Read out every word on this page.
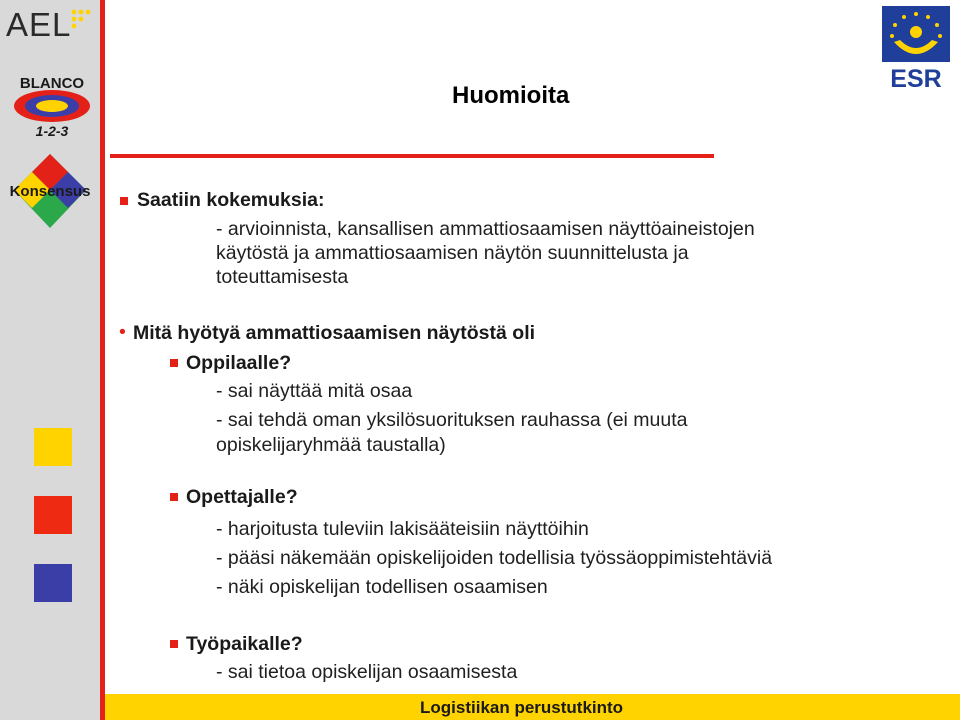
AEL
BLANCO
1-2-3
Konsensus
ESR
Huomioita
Saatiin kokemuksia:
- arvioinnista, kansallisen ammattiosaamisen näyttöaineistojen
käytöstä ja ammattiosaamisen näytön suunnittelusta ja
toteuttamisesta
• Mitä hyötyä ammattiosaamisen näytöstä oli
Oppilaalle?
- sai näyttää mitä osaa
- sai tehdä oman yksilösuorituksen rauhassa (ei muuta
opiskelijaryhmää taustalla)
Opettajalle?
- harjoitusta tuleviin lakisääteisiin näyttöihin
- pääsi näkemään opiskelijoiden todellisia työssäoppimistehtäviä
- näki opiskelijan todellisen osaamisen
Työpaikalle?
- sai tietoa opiskelijan osaamisesta
Logistiikan perustutkinto
